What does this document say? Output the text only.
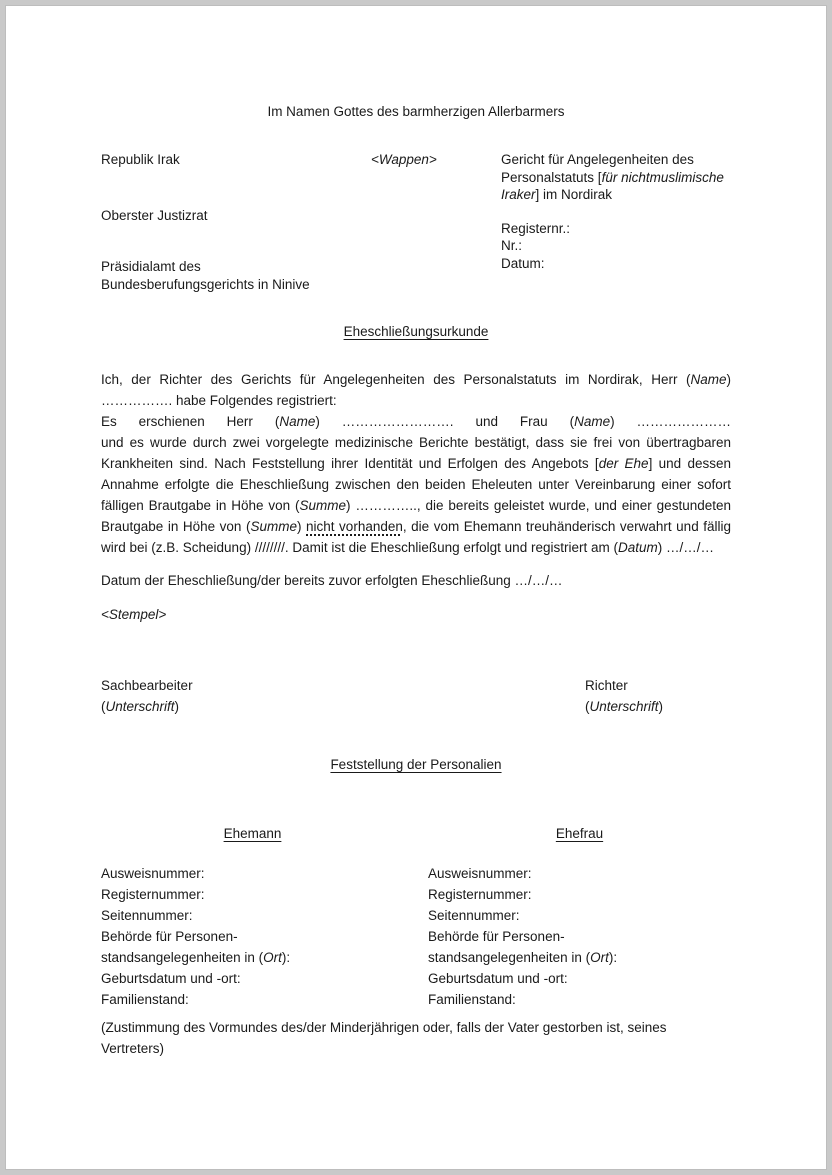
Im Namen Gottes des barmherzigen Allerbarmers
Republik Irak
Oberster Justizrat
Präsidialamt des
Bundesberufungsgerichts in Ninive
<Wappen>	Gericht für Angelegenheiten des
Personalstatuts [für nichtmuslimische
Iraker] im Nordirak
Registernr.:
Nr.:
Datum:
Eheschließungsurkunde
Ich, der Richter des Gerichts für Angelegenheiten des Personalstatuts im Nordirak, Herr (Name) ……………. habe Folgendes registriert:
Es erschienen Herr (Name) ……………………. und Frau (Name) …………………
und es wurde durch zwei vorgelegte medizinische Berichte bestätigt, dass sie frei von übertragbaren Krankheiten sind. Nach Feststellung ihrer Identität und Erfolgen des Angebots [der Ehe] und dessen Annahme erfolgte die Eheschließung zwischen den beiden Eheleuten unter Vereinbarung einer sofort fälligen Brautgabe in Höhe von (Summe) ………….., die bereits geleistet wurde, und einer gestundeten Brautgabe in Höhe von (Summe) nicht vorhanden, die vom Ehemann treuhänderisch verwahrt und fällig wird bei (z.B. Scheidung) ////////. Damit ist die Eheschließung erfolgt und registriert am (Datum) …/…/…
Datum der Eheschließung/der bereits zuvor erfolgten Eheschließung …/…/…
<Stempel>
Sachbearbeiter
(Unterschrift)
Richter
(Unterschrift)
Feststellung der Personalien
Ehemann
Ausweisnummer:
Registernummer:
Seitennummer:
Behörde für Personen-
standsangelegenheiten in (Ort):
Geburtsdatum und -ort:
Familienstand:
Ehefrau
Ausweisnummer:
Registernummer:
Seitennummer:
Behörde für Personen-
standsangelegenheiten in (Ort):
Geburtsdatum und -ort:
Familienstand:
(Zustimmung des Vormundes des/der Minderjährigen oder, falls der Vater gestorben ist, seines Vertreters)
